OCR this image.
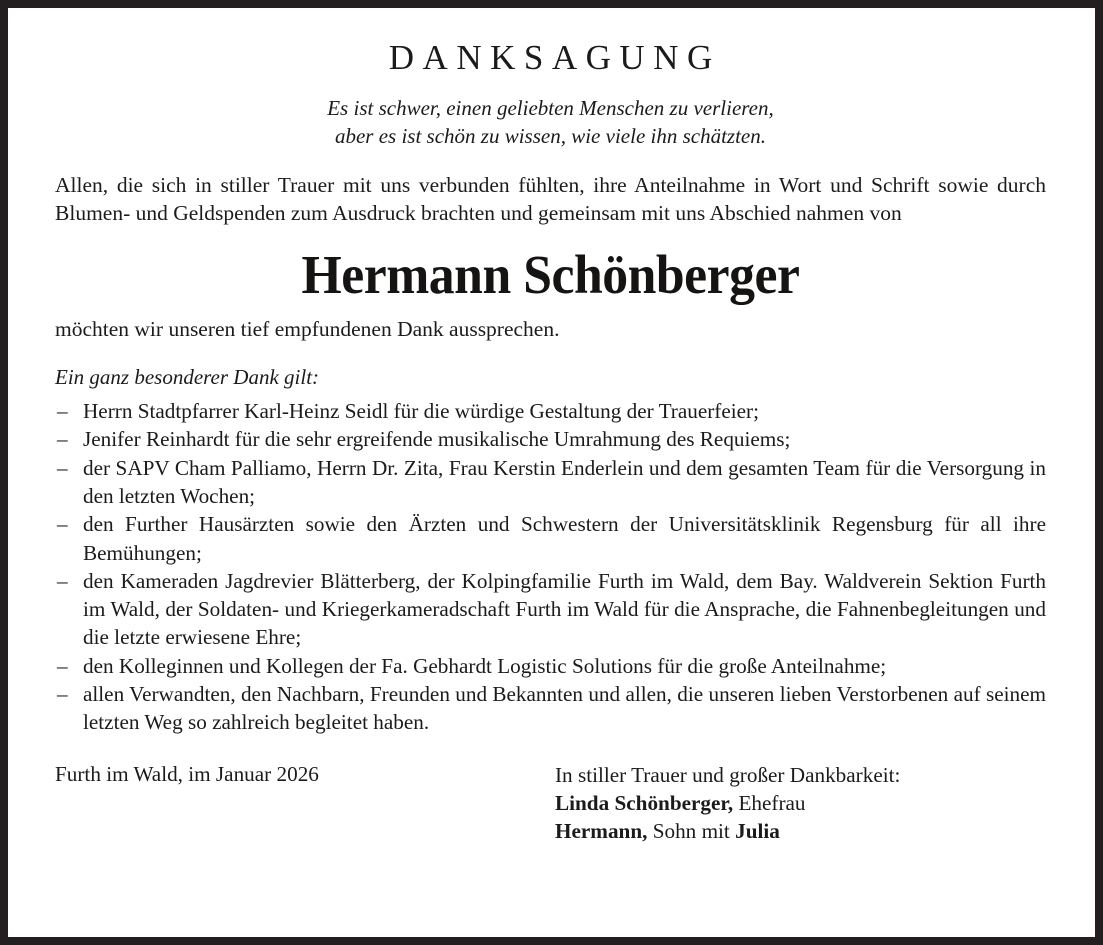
DANKSAGUNG
Es ist schwer, einen geliebten Menschen zu verlieren,
aber es ist schön zu wissen, wie viele ihn schätzten.

Allen, die sich in stiller Trauer mit uns verbunden fühlten, ihre Anteilnahme in Wort und Schrift sowie durch Blumen- und Geldspenden zum Ausdruck brachten und gemeinsam mit uns Abschied nahmen von

Hermann Schönberger

möchten wir unseren tief empfundenen Dank aussprechen.

Ein ganz besonderer Dank gilt:

– Herrn Stadtpfarrer Karl-Heinz Seidl für die würdige Gestaltung der Trauerfeier;
– Jenifer Reinhardt für die sehr ergreifende musikalische Umrahmung des Requiems;
– der SAPV Cham Palliamo, Herrn Dr. Zita, Frau Kerstin Enderlein und dem gesamten Team für die Versorgung in den letzten Wochen;
– den Further Hausärzten sowie den Ärzten und Schwestern der Universitätsklinik Regensburg für all ihre Bemühungen;
– den Kameraden Jagdrevier Blätterberg, der Kolpingfamilie Furth im Wald, dem Bay. Waldverein Sektion Furth im Wald, der Soldaten- und Kriegerkameradschaft Furth im Wald für die Ansprache, die Fahnenbegleitungen und die letzte erwiesene Ehre;
– den Kolleginnen und Kollegen der Fa. Gebhardt Logistic Solutions für die große Anteilnahme;
– allen Verwandten, den Nachbarn, Freunden und Bekannten und allen, die unseren lieben Verstorbenen auf seinem letzten Weg so zahlreich begleitet haben.
Furth im Wald, im Januar 2026	In stiller Trauer und großer Dankbarkeit:
Linda Schönberger, Ehefrau
Hermann, Sohn mit Julia
